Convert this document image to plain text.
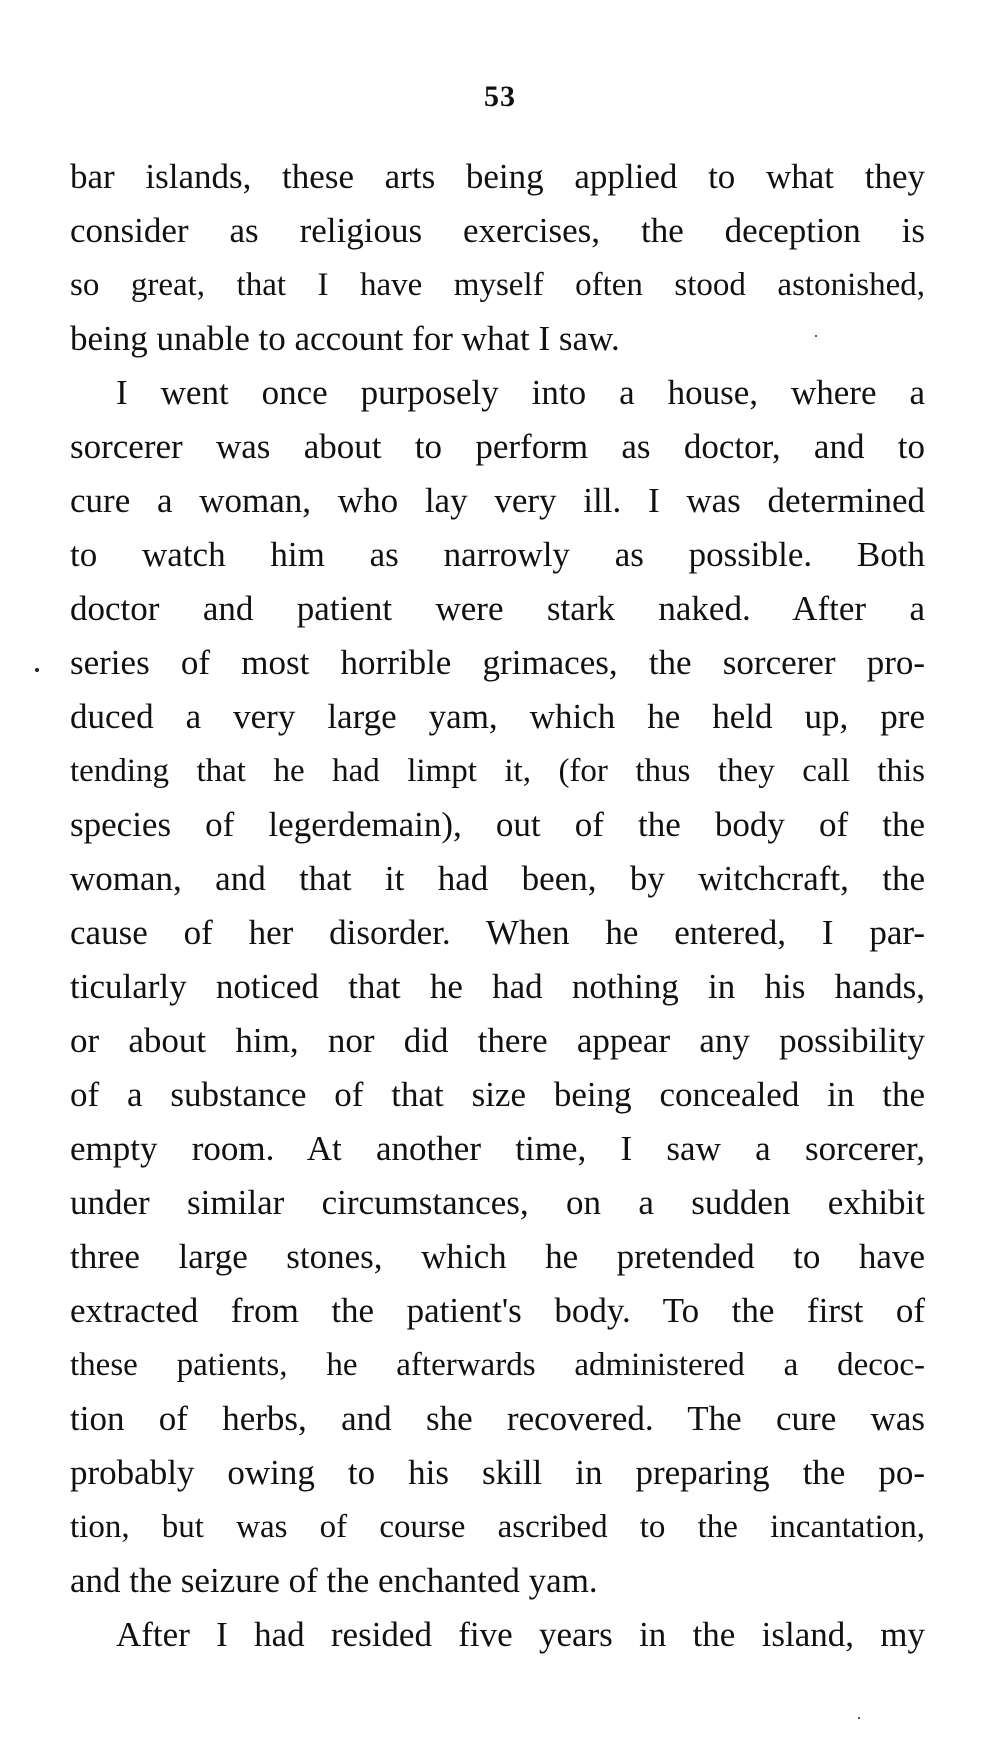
53
bar islands, these arts being applied to what they
consider as religious exercises, the deception is
so great, that I have myself often stood astonished,
being unable to account for what I saw.
I went once purposely into a house, where a
sorcerer was about to perform as doctor, and to
cure a woman, who lay very ill. I was determined
to watch him as narrowly as possible. Both
doctor and patient were stark naked. After a
series of most horrible grimaces, the sorcerer pro-
duced a very large yam, which he held up, pre
tending that he had limpt it, (for thus they call this
species of legerdemain), out of the body of the
woman, and that it had been, by witchcraft, the
cause of her disorder. When he entered, I par-
ticularly noticed that he had nothing in his hands,
or about him, nor did there appear any possibility
of a substance of that size being concealed in the
empty room. At another time, I saw a sorcerer,
under similar circumstances, on a sudden exhibit
three large stones, which he pretended to have
extracted from the patient's body. To the first of
these patients, he afterwards administered a decoc-
tion of herbs, and she recovered. The cure was
probably owing to his skill in preparing the po-
tion, but was of course ascribed to the incantation,
and the seizure of the enchanted yam.
After I had resided five years in the island, my
